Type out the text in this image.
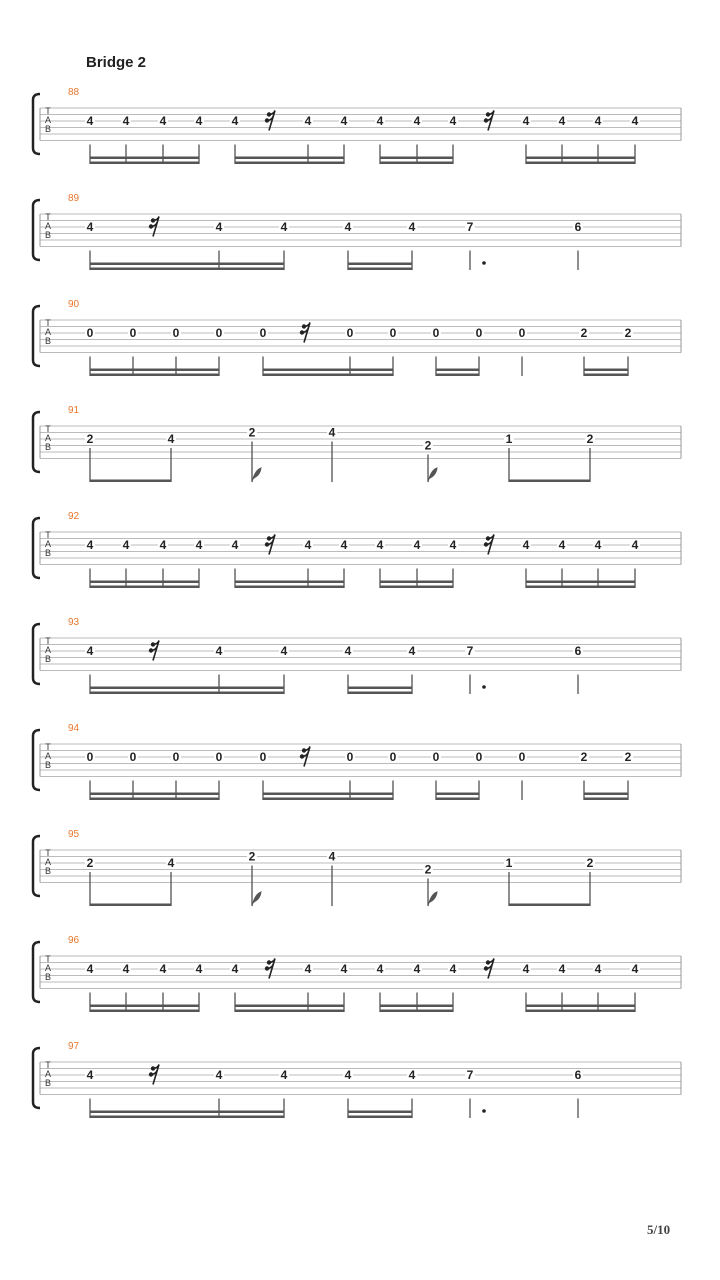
Bridge 2
T
A
B
88
4 4	4 4 4	4 4 4	4 4	4 4 4	4
T
A
B
89
4	4	4	4	4	7	6
T
A
B
90
0	0	0	0	0	0	0	0	0	0	2	2
T
A
B
91
2	4	2	4
2	1	2
T
A
B
92
4 4	4 4 4	4 4 4	4 4	4 4 4	4
T
A
B
93
4	4	4	4	4	7	6
T
A
B
94
0	0	0	0	0	0	0	0	0	0	2	2
T
A
B
95
2	4	2	4
2	1	2
T
A
B
96
4 4	4 4 4	4 4 4	4 4	4 4 4	4
T
A
B
97
4	4	4	4	4	7	6
5/10
